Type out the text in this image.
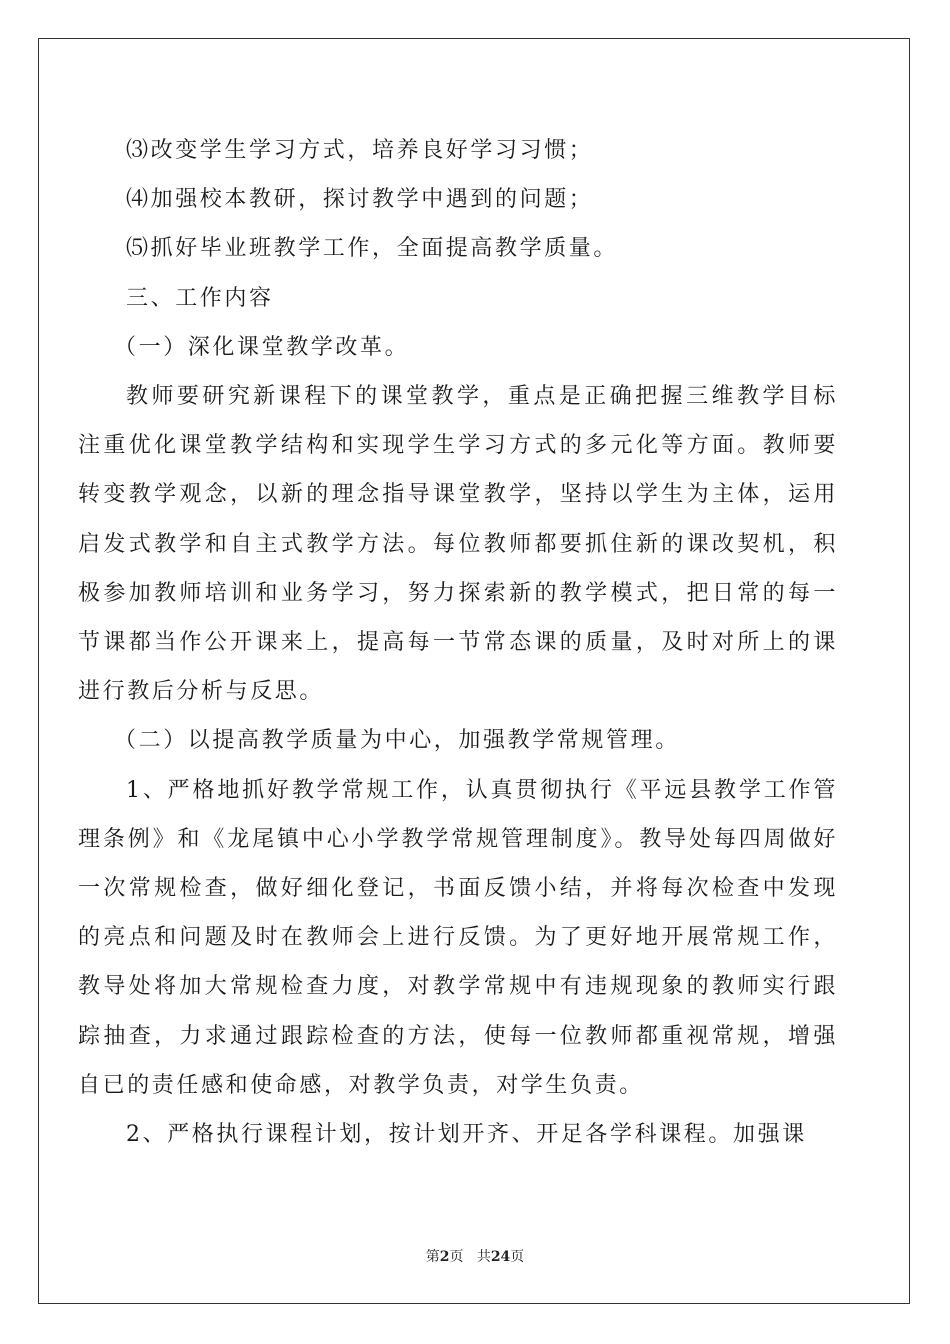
⑶改变学生学习方式，培养良好学习习惯；

⑷加强校本教研，探讨教学中遇到的问题；

⑸抓好毕业班教学工作，全面提高教学质量。

三、工作内容

（一）深化课堂教学改革。

教师要研究新课程下的课堂教学，重点是正确把握三维教学目标注重优化课堂教学结构和实现学生学习方式的多元化等方面。教师要转变教学观念，以新的理念指导课堂教学，坚持以学生为主体，运用启发式教学和自主式教学方法。每位教师都要抓住新的课改契机，积极参加教师培训和业务学习，努力探索新的教学模式，把日常的每一节课都当作公开课来上，提高每一节常态课的质量，及时对所上的课进行教后分析与反思。

（二）以提高教学质量为中心，加强教学常规管理。

1、严格地抓好教学常规工作，认真贯彻执行《平远县教学工作管理条例》和《龙尾镇中心小学教学常规管理制度》。教导处每四周做好一次常规检查，做好细化登记，书面反馈小结，并将每次检查中发现的亮点和问题及时在教师会上进行反馈。为了更好地开展常规工作，教导处将加大常规检查力度，对教学常规中有违规现象的教师实行跟踪抽查，力求通过跟踪检查的方法，使每一位教师都重视常规，增强自已的责任感和使命感，对教学负责，对学生负责。

2、严格执行课程计划，按计划开齐、开足各学科课程。加强课

第2页 共24页
